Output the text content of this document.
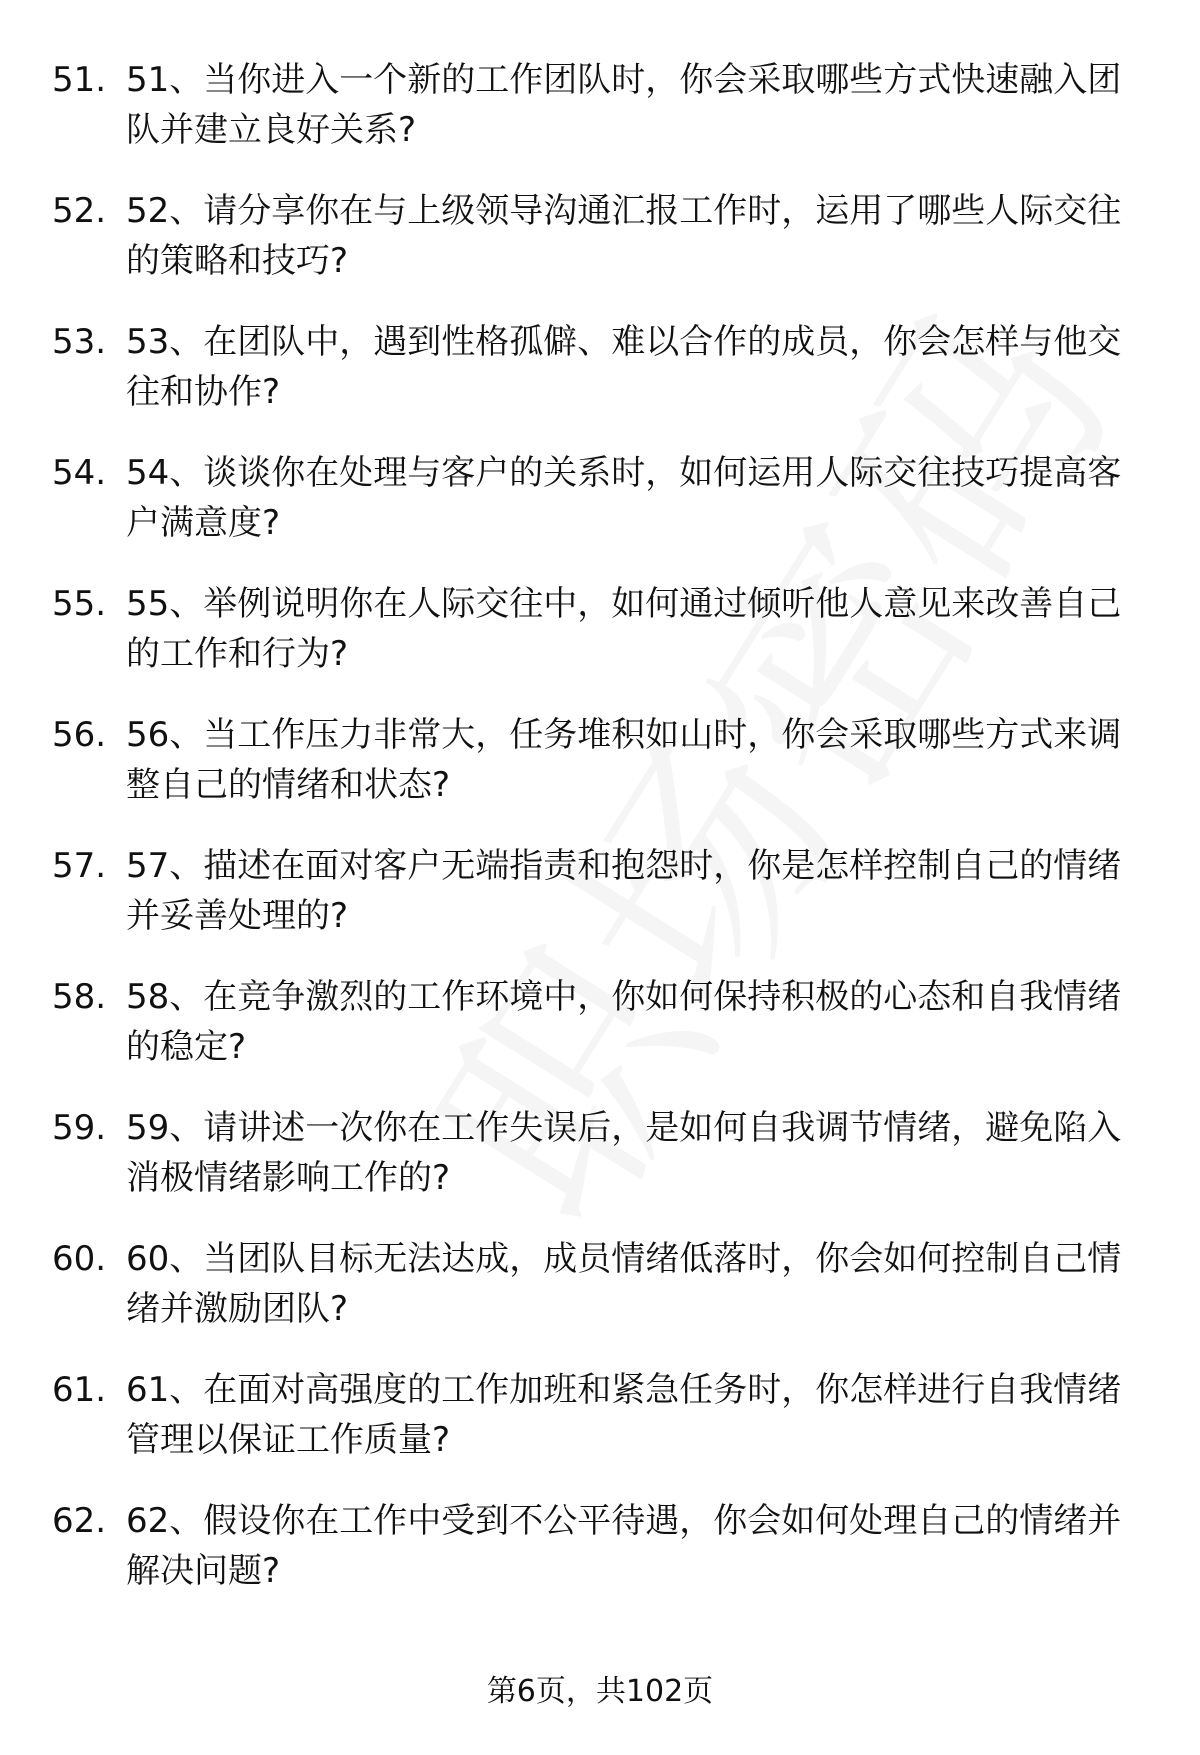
51. 51、当你进入一个新的工作团队时，你会采取哪些方式快速融入团队并建立良好关系?

52. 52、请分享你在与上级领导沟通汇报工作时，运用了哪些人际交往的策略和技巧?

53. 53、在团队中，遇到性格孤僻、难以合作的成员，你会怎样与他交往和协作?

54. 54、谈谈你在处理与客户的关系时，如何运用人际交往技巧提高客户满意度?

55. 55、举例说明你在人际交往中，如何通过倾听他人意见来改善自己的工作和行为?

56. 56、当工作压力非常大，任务堆积如山时，你会采取哪些方式来调整自己的情绪和状态?

57. 57、描述在面对客户无端指责和抱怨时，你是怎样控制自己的情绪并妥善处理的?

58. 58、在竞争激烈的工作环境中，你如何保持积极的心态和自我情绪的稳定?

59. 59、请讲述一次你在工作失误后，是如何自我调节情绪，避免陷入消极情绪影响工作的?

60. 60、当团队目标无法达成，成员情绪低落时，你会如何控制自己情绪并激励团队?

61. 61、在面对高强度的工作加班和紧急任务时，你怎样进行自我情绪管理以保证工作质量?

62. 62、假设你在工作中受到不公平待遇，你会如何处理自己的情绪并解决问题?

第6页，共102页
